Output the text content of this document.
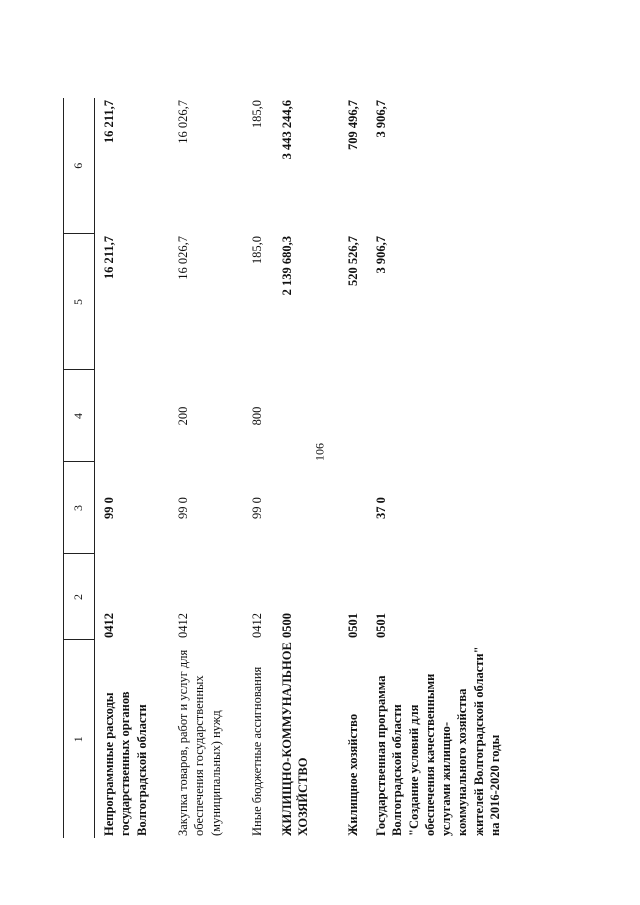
106
1	2	3	4	5	6
Непрограммные расходы государственных органов Волгоградской области	0412	99 0		16 211,7	16 211,7
Закупка товаров, работ и услуг для обеспечения государственных (муниципальных) нужд	0412	99 0	200	16 026,7	16 026,7
Иные бюджетные ассигнования	0412	99 0	800	185,0	185,0
ЖИЛИЩНО-КОММУНАЛЬНОЕ ХОЗЯЙСТВО	0500			2 139 680,3	3 443 244,6
Жилищное хозяйство	0501			520 526,7	709 496,7
Государственная программа Волгоградской области "Создание условий для обеспечения качественными услугами жилищно-коммунального хозяйства жителей Волгоградской области" на 2016-2020 годы	0501	37 0		3 906,7	3 906,7
